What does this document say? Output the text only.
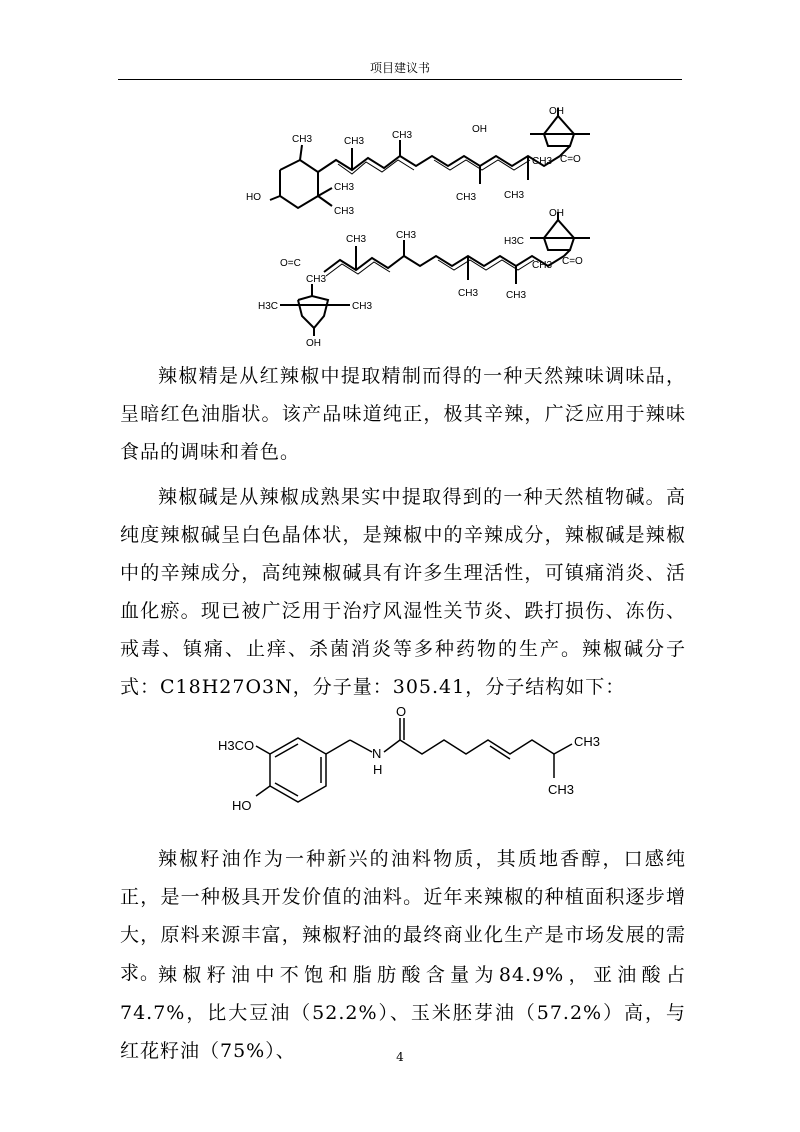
项目建议书
OH
OH
CH3	CH3
CH3
CH3
CH3
CH3	CH3
CH3 C=O
HO
OH
H3C
CH3	CH3
CH3 C=O
O=C
CH3	CH3
CH3
H3C	CH3
OH

辣椒精是从红辣椒中提取精制而得的一种天然辣味调味品，呈暗红色油脂状。该产品味道纯正，极其辛辣，广泛应用于辣味食品的调味和着色。

辣椒碱是从辣椒成熟果实中提取得到的一种天然植物碱。高纯度辣椒碱呈白色晶体状，是辣椒中的辛辣成分，辣椒碱是辣椒中的辛辣成分，高纯辣椒碱具有许多生理活性，可镇痛消炎、活血化瘀。现已被广泛用于治疗风湿性关节炎、跌打损伤、冻伤、戒毒、镇痛、止痒、杀菌消炎等多种药物的生产。辣椒碱分子式：C18H27O3N，分子量：305.41，分子结构如下：

O
H3CO
HO
N
H
CH3
CH3

辣椒籽油作为一种新兴的油料物质，其质地香醇，口感纯正，是一种极具开发价值的油料。近年来辣椒的种植面积逐步增大，原料来源丰富，辣椒籽油的最终商业化生产是市场发展的需求。

辣椒籽油中不饱和脂肪酸含量为84.9%，亚油酸占74.7%，比大豆油（52.2%）、玉米胚芽油（57.2%）高，与红花籽油（75%）、	4
